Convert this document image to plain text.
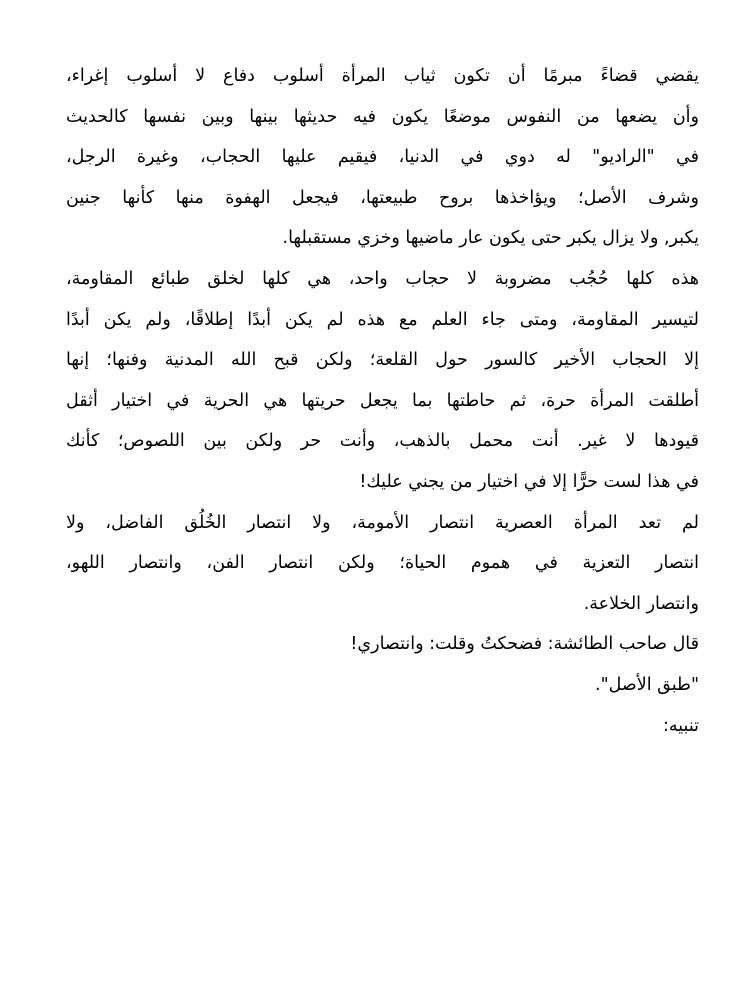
يقضي قضاءً مبرمًا أن تكون ثياب المرأة أسلوب دفاع لا أسلوب إغراء،
وأن يضعها من النفوس موضعًا يكون فيه حديثها بينها وبين نفسها كالحديث
في "الراديو" له دوي في الدنيا، فيقيم عليها الحجاب، وغيرة الرجل،
وشرف الأصل؛ ويؤاخذها بروح طبيعتها، فيجعل الهفوة منها كأنها جنين
يكبر, ولا يزال يكبر حتى يكون عار ماضيها وخزي مستقبلها.
هذه كلها حُجُب مضروبة لا حجاب واحد، هي كلها لخلق طبائع المقاومة،
لتيسير المقاومة، ومتى جاء العلم مع هذه لم يكن أبدًا إطلاقًا، ولم يكن أبدًا
إلا الحجاب الأخير كالسور حول القلعة؛ ولكن قبح الله المدنية وفنها؛ إنها
أطلقت المرأة حرة، ثم حاطتها بما يجعل حريتها هي الحرية في اختيار أثقل
قيودها لا غير. أنت محمل بالذهب، وأنت حر ولكن بين اللصوص؛ كأنك
في هذا لست حرًّا إلا في اختيار من يجني عليك!
لم تعد المرأة العصرية انتصار الأمومة، ولا انتصار الخُلُق الفاضل، ولا
انتصار التعزية في هموم الحياة؛ ولكن انتصار الفن، وانتصار اللهو،
وانتصار الخلاعة.
قال صاحب الطائشة: فضحكتُ وقلت: وانتصاري!
"طبق الأصل".
تنبيه:
